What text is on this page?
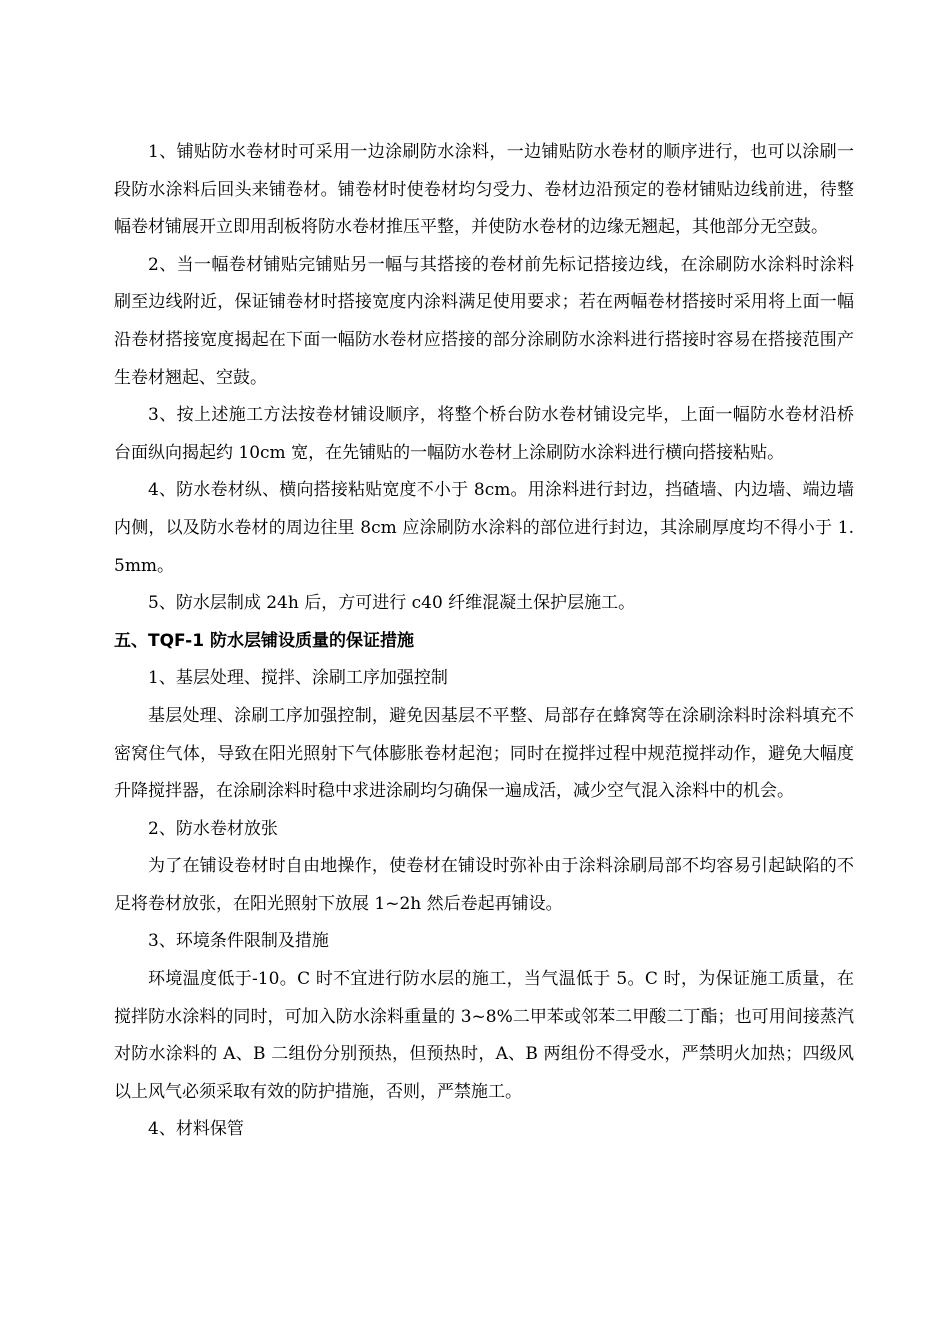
1、铺贴防水卷材时可采用一边涂刷防水涂料，一边铺贴防水卷材的顺序进行，也可以涂刷一段防水涂料后回头来铺卷材。铺卷材时使卷材均匀受力、卷材边沿预定的卷材铺贴边线前进，待整幅卷材铺展开立即用刮板将防水卷材推压平整，并使防水卷材的边缘无翘起，其他部分无空鼓。

2、当一幅卷材铺贴完铺贴另一幅与其搭接的卷材前先标记搭接边线，在涂刷防水涂料时涂料刷至边线附近，保证铺卷材时搭接宽度内涂料满足使用要求；若在两幅卷材搭接时采用将上面一幅沿卷材搭接宽度揭起在下面一幅防水卷材应搭接的部分涂刷防水涂料进行搭接时容易在搭接范围产生卷材翘起、空鼓。

3、按上述施工方法按卷材铺设顺序，将整个桥台防水卷材铺设完毕，上面一幅防水卷材沿桥台面纵向揭起约 10cm 宽，在先铺贴的一幅防水卷材上涂刷防水涂料进行横向搭接粘贴。

4、防水卷材纵、横向搭接粘贴宽度不小于 8cm。用涂料进行封边，挡碴墙、内边墙、端边墙内侧，以及防水卷材的周边往里 8cm 应涂刷防水涂料的部位进行封边，其涂刷厚度均不得小于 1.5mm。

5、防水层制成 24h 后，方可进行 c40 纤维混凝土保护层施工。

五、TQF-1 防水层铺设质量的保证措施

1、基层处理、搅拌、涂刷工序加强控制

基层处理、涂刷工序加强控制，避免因基层不平整、局部存在蜂窝等在涂刷涂料时涂料填充不密窝住气体，导致在阳光照射下气体膨胀卷材起泡；同时在搅拌过程中规范搅拌动作，避免大幅度升降搅拌器，在涂刷涂料时稳中求进涂刷均匀确保一遍成活，减少空气混入涂料中的机会。

2、防水卷材放张

为了在铺设卷材时自由地操作，使卷材在铺设时弥补由于涂料涂刷局部不均容易引起缺陷的不足将卷材放张，在阳光照射下放展 1~2h 然后卷起再铺设。

3、环境条件限制及措施

环境温度低于-10。C 时不宜进行防水层的施工，当气温低于 5。C 时，为保证施工质量，在搅拌防水涂料的同时，可加入防水涂料重量的 3~8%二甲苯或邻苯二甲酸二丁酯；也可用间接蒸汽对防水涂料的 A、B 二组份分别预热，但预热时，A、B 两组份不得受水，严禁明火加热；四级风以上风气必须采取有效的防护措施，否则，严禁施工。

4、材料保管
